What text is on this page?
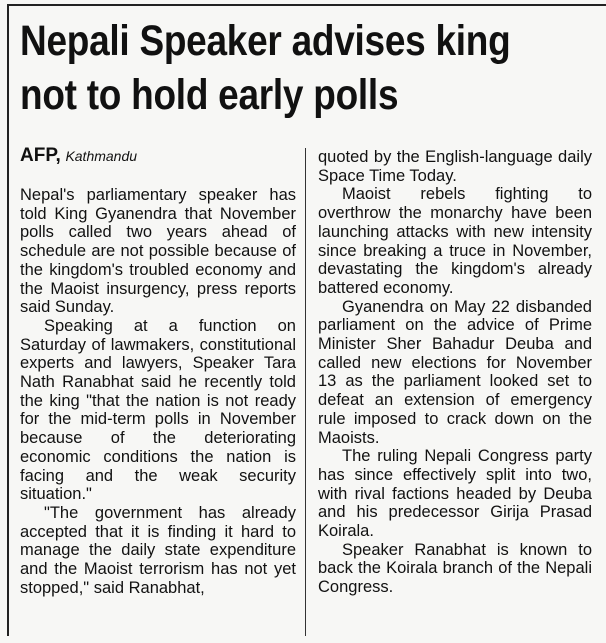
Nepali Speaker advises king
not to hold early polls
AFP, Kathmandu

Nepal's parliamentary speaker has told King Gyanendra that November polls called two years ahead of schedule are not possible because of the kingdom's troubled economy and the Maoist insurgency, press reports said Sunday.

Speaking at a function on Saturday of lawmakers, constitutional experts and lawyers, Speaker Tara Nath Ranabhat said he recently told the king "that the nation is not ready for the mid-term polls in November because of the deteriorating economic conditions the nation is facing and the weak security situation."

"The government has already accepted that it is finding it hard to manage the daily state expenditure and the Maoist terrorism has not yet stopped," said Ranabhat,

quoted by the English-language daily Space Time Today.

Maoist rebels fighting to overthrow the monarchy have been launching attacks with new intensity since breaking a truce in November, devastating the kingdom's already battered economy.

Gyanendra on May 22 disbanded parliament on the advice of Prime Minister Sher Bahadur Deuba and called new elections for November 13 as the parliament looked set to defeat an extension of emergency rule imposed to crack down on the Maoists.

The ruling Nepali Congress party has since effectively split into two, with rival factions headed by Deuba and his predecessor Girija Prasad Koirala.

Speaker Ranabhat is known to back the Koirala branch of the Nepali Congress.
